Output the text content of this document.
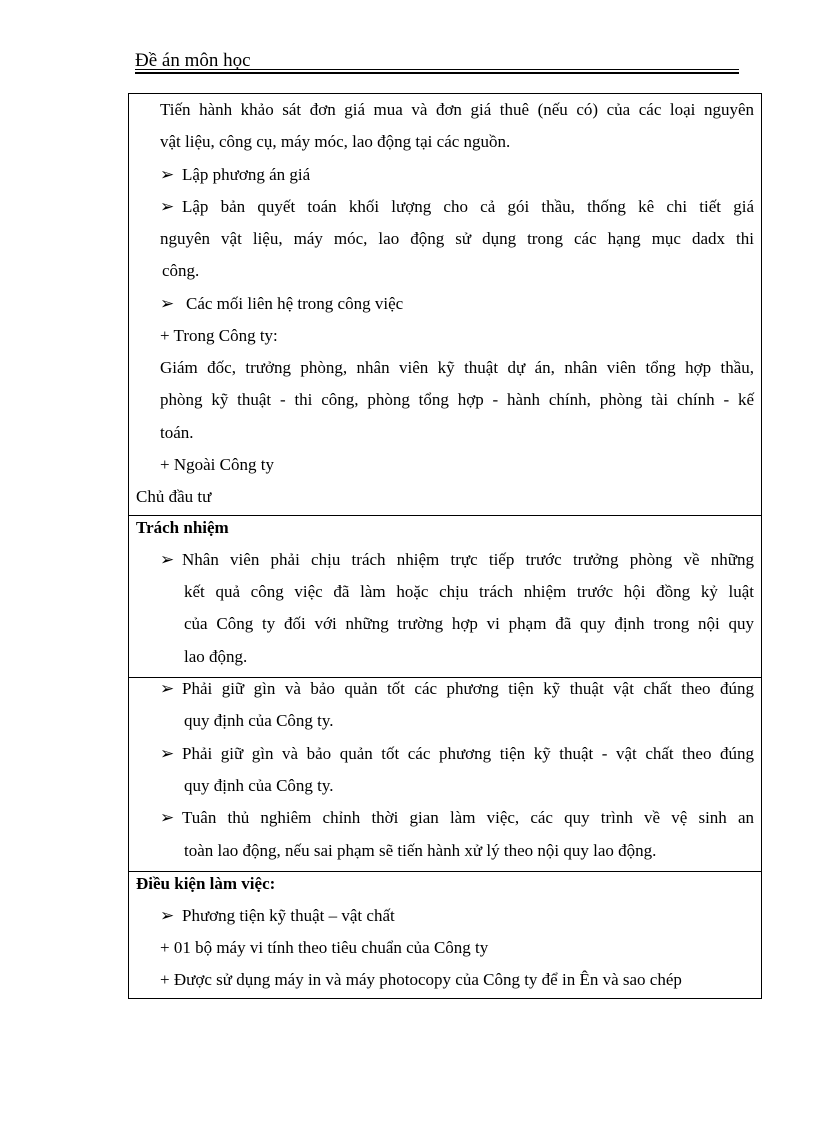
Đề án môn học
Tiến hành khảo sát đơn giá mua và đơn giá thuê (nếu có) của các loại nguyên
vật liệu, công cụ, máy móc, lao động tại các nguồn.
➢ Lập phương án giá
➢ Lập bản quyết toán khối lượng cho cả gói thầu, thống kê chi tiết giá
nguyên vật liệu, máy móc, lao động sử dụng trong các hạng mục dadx thi
công.
➢ Các mối liên hệ trong công việc
+ Trong Công ty:
Giám đốc, trưởng phòng, nhân viên kỹ thuật dự án, nhân viên tổng hợp thầu,
phòng kỹ thuật - thi công, phòng tổng hợp - hành chính, phòng tài chính - kế
toán.
+ Ngoài Công ty
Chủ đầu tư
Trách nhiệm
➢ Nhân viên phải chịu trách nhiệm trực tiếp trước trưởng phòng về những
kết quả công việc đã làm hoặc chịu trách nhiệm trước hội đồng kỷ luật
của Công ty đối với những trường hợp vi phạm đã quy định trong nội quy
lao động.
➢ Phải giữ gìn và bảo quản tốt các phương tiện kỹ thuật vật chất theo đúng
quy định của Công ty.
➢ Phải giữ gìn và bảo quản tốt các phương tiện kỹ thuật - vật chất theo đúng
quy định của Công ty.
➢ Tuân thủ nghiêm chỉnh thời gian làm việc, các quy trình về vệ sinh an
toàn lao động, nếu sai phạm sẽ tiến hành xử lý theo nội quy lao động.
Điều kiện làm việc:
➢ Phương tiện kỹ thuật – vật chất
+ 01 bộ máy vi tính theo tiêu chuẩn của Công ty
+ Được sử dụng máy in và máy photocopy của Công ty để in Ên và sao chép
